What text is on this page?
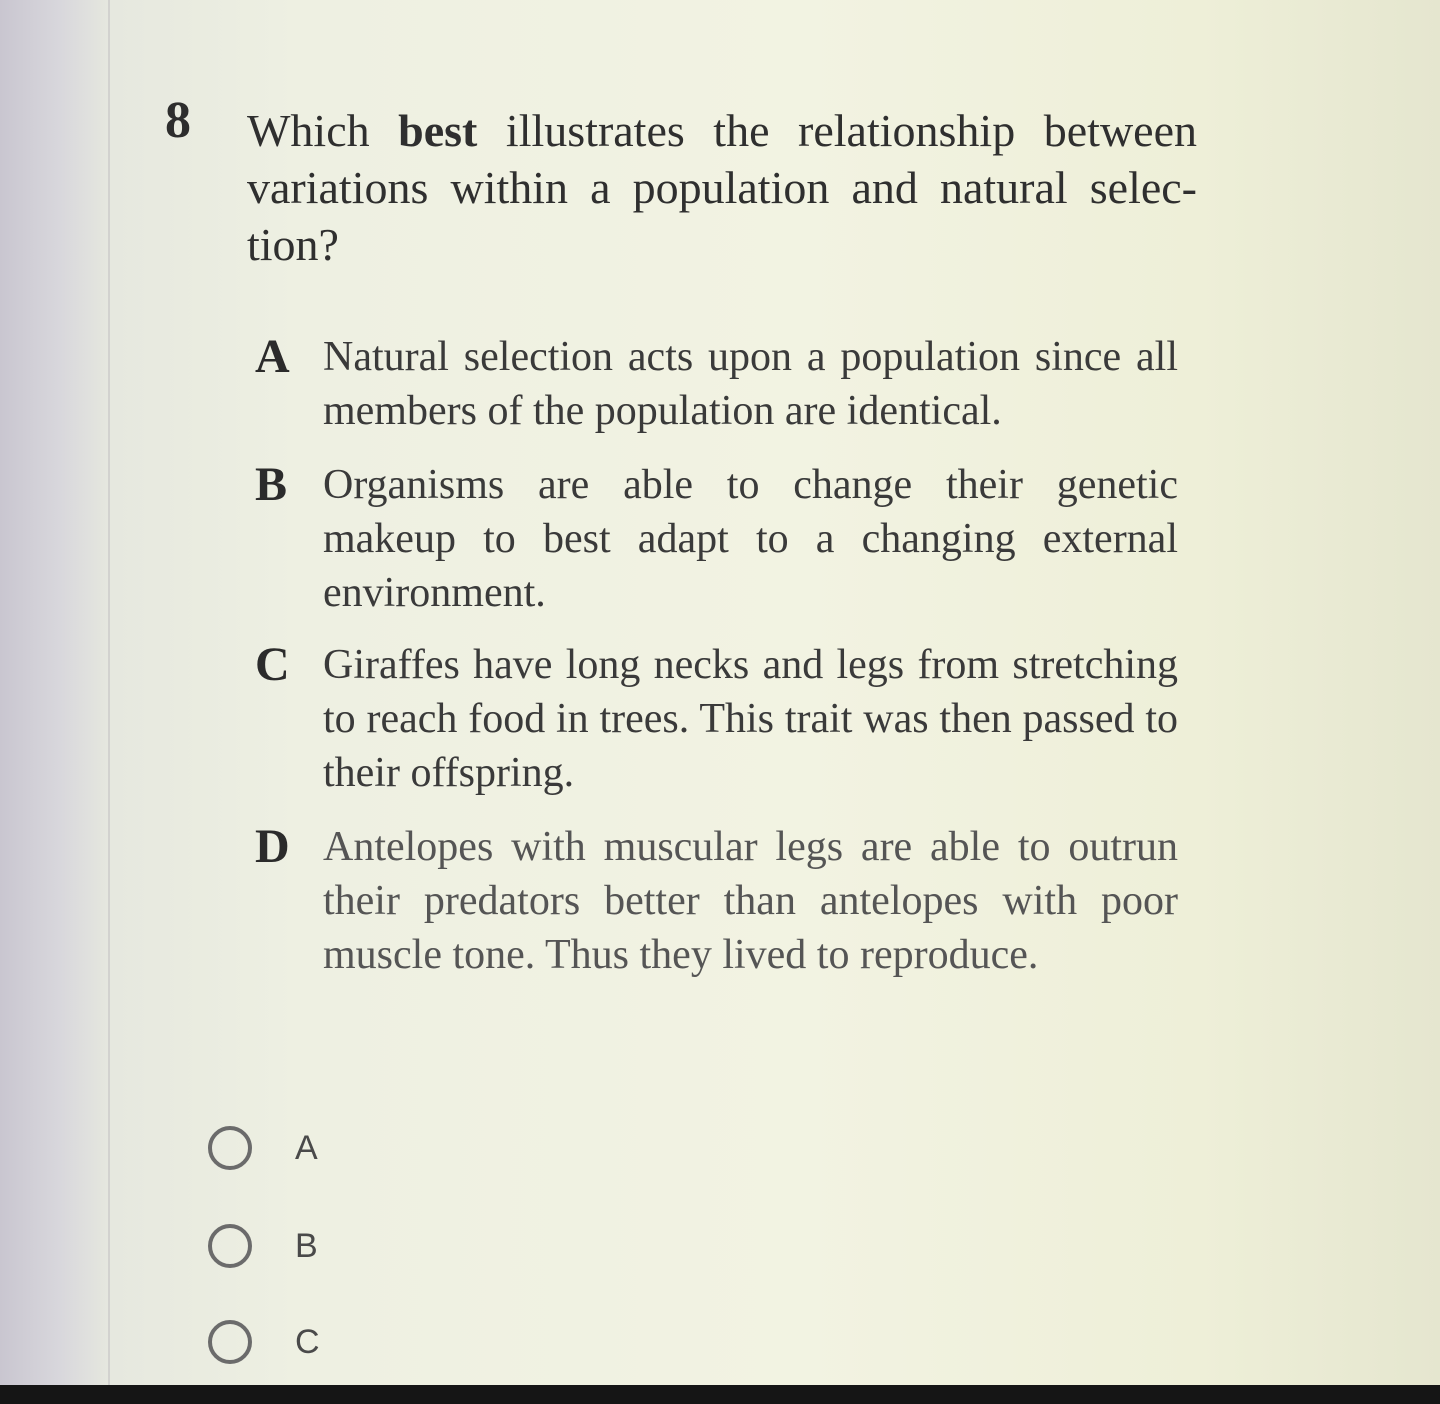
8 Which best illustrates the relationship between variations within a population and natural selec- tion?
A Natural selection acts upon a population since all members of the population are identical.
B Organisms are able to change their genetic makeup to best adapt to a changing external environment.
C Giraffes have long necks and legs from stretching to reach food in trees. This trait was then passed to their offspring.
D Antelopes with muscular legs are able to outrun their predators better than antelopes with poor muscle tone. Thus they lived to reproduce.
A
B
C
